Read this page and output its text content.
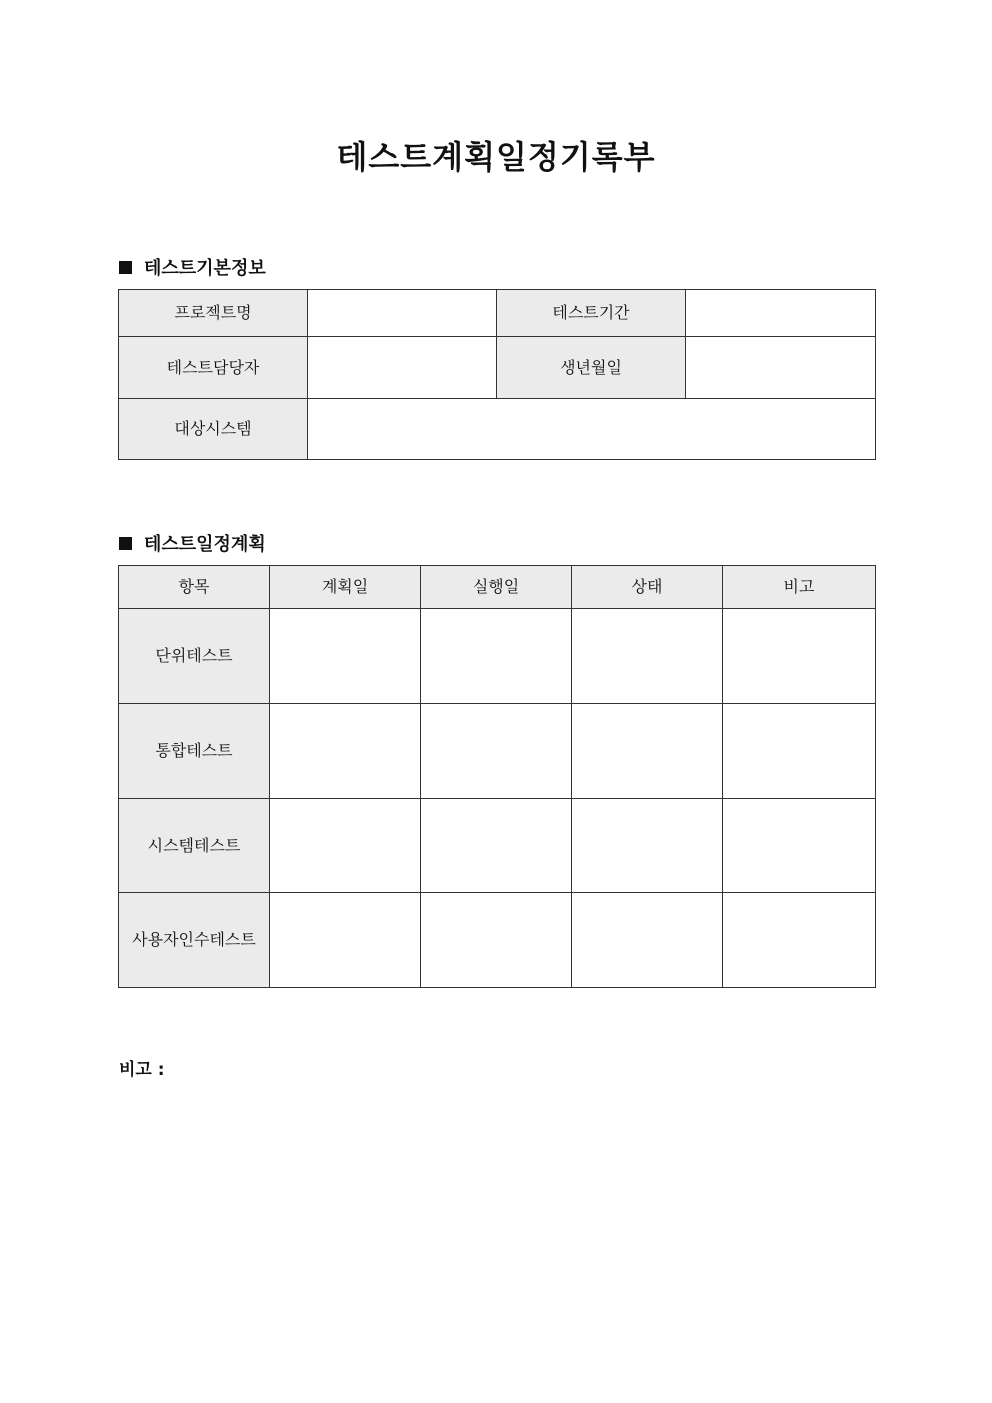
테스트계획일정기록부
테스트기본정보
프로젝트명		테스트기간	
테스트담당자		생년월일	
대상시스템			
테스트일정계획
항목	계획일	실행일	상태	비고
단위테스트				
통합테스트				
시스템테스트				
사용자인수테스트				
비고 :
